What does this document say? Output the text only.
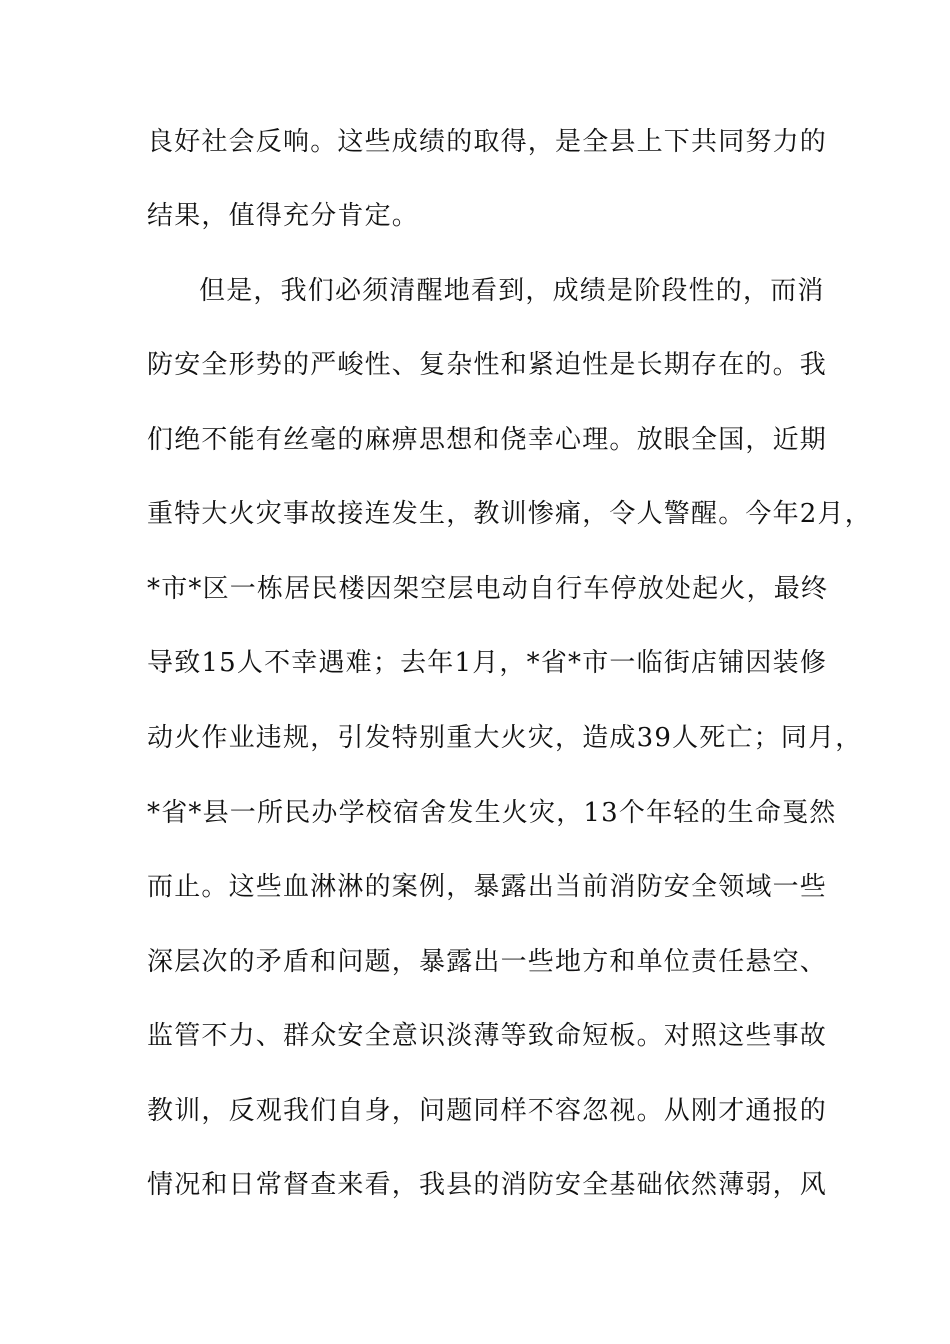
良好社会反响。这些成绩的取得，是全县上下共同努力的
结果，值得充分肯定。
但是，我们必须清醒地看到，成绩是阶段性的，而消
防安全形势的严峻性、复杂性和紧迫性是长期存在的。我
们绝不能有丝毫的麻痹思想和侥幸心理。放眼全国，近期
重特大火灾事故接连发生，教训惨痛，令人警醒。今年2月，
*市*区一栋居民楼因架空层电动自行车停放处起火，最终
导致15人不幸遇难；去年1月，*省*市一临街店铺因装修
动火作业违规，引发特别重大火灾，造成39人死亡；同月，
*省*县一所民办学校宿舍发生火灾，13个年轻的生命戛然
而止。这些血淋淋的案例，暴露出当前消防安全领域一些
深层次的矛盾和问题，暴露出一些地方和单位责任悬空、
监管不力、群众安全意识淡薄等致命短板。对照这些事故
教训，反观我们自身，问题同样不容忽视。从刚才通报的
情况和日常督查来看，我县的消防安全基础依然薄弱，风
